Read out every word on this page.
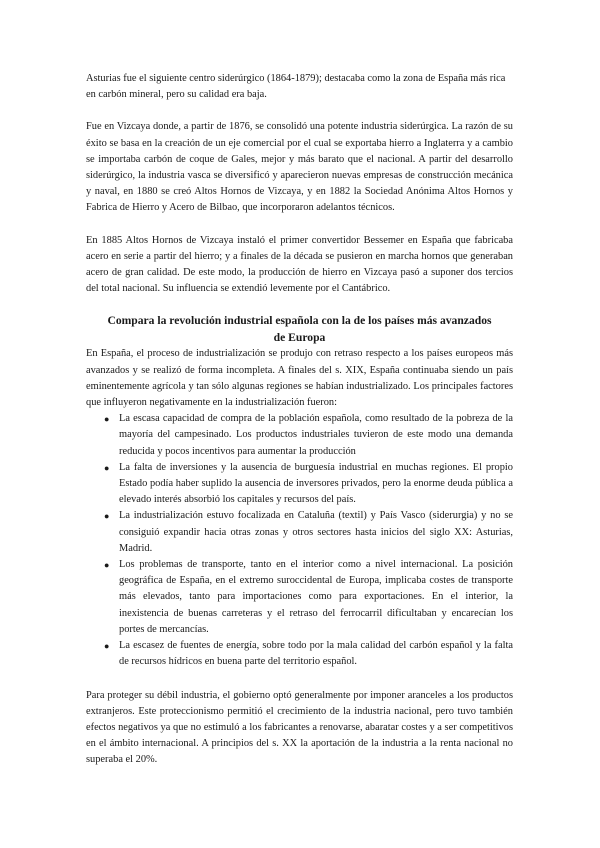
Asturias fue el siguiente centro siderúrgico (1864-1879); destacaba como la zona de España más rica en carbón mineral, pero su calidad era baja.

Fue en Vizcaya donde, a partir de 1876, se consolidó una potente industria siderúrgica. La razón de su éxito se basa en la creación de un eje comercial por el cual se exportaba hierro a Inglaterra y a cambio se importaba carbón de coque de Gales, mejor y más barato que el nacional. A partir del desarrollo siderúrgico, la industria vasca se diversificó y aparecieron nuevas empresas de construcción mecánica y naval, en 1880 se creó Altos Hornos de Vizcaya, y en 1882 la Sociedad Anónima Altos Hornos y Fabrica de Hierro y Acero de Bilbao, que incorporaron adelantos técnicos.

En 1885 Altos Hornos de Vizcaya instaló el primer convertidor Bessemer en España que fabricaba acero en serie a partir del hierro; y a finales de la década se pusieron en marcha hornos que generaban acero de gran calidad. De este modo, la producción de hierro en Vizcaya pasó a suponer dos tercios del total nacional. Su influencia se extendió levemente por el Cantábrico.

Compara la revolución industrial española con la de los países más avanzados de Europa

En España, el proceso de industrialización se produjo con retraso respecto a los países europeos más avanzados y se realizó de forma incompleta. A finales del s. XIX, España continuaba siendo un país eminentemente agrícola y tan sólo algunas regiones se habían industrializado. Los principales factores que influyeron negativamente en la industrialización fueron:

● La escasa capacidad de compra de la población española, como resultado de la pobreza de la mayoría del campesinado. Los productos industriales tuvieron de este modo una demanda reducida y pocos incentivos para aumentar la producción
● La falta de inversiones y la ausencia de burguesía industrial en muchas regiones. El propio Estado podía haber suplido la ausencia de inversores privados, pero la enorme deuda pública a elevado interés absorbió los capitales y recursos del país.
● La industrialización estuvo focalizada en Cataluña (textil) y País Vasco (siderurgia) y no se consiguió expandir hacia otras zonas y otros sectores hasta inicios del siglo XX: Asturias, Madrid.
● Los problemas de transporte, tanto en el interior como a nivel internacional. La posición geográfica de España, en el extremo suroccidental de Europa, implicaba costes de transporte más elevados, tanto para importaciones como para exportaciones. En el interior, la inexistencia de buenas carreteras y el retraso del ferrocarril dificultaban y encarecían los portes de mercancías.
● La escasez de fuentes de energía, sobre todo por la mala calidad del carbón español y la falta de recursos hídricos en buena parte del territorio español.

Para proteger su débil industria, el gobierno optó generalmente por imponer aranceles a los productos extranjeros. Este proteccionismo permitió el crecimiento de la industria nacional, pero tuvo también efectos negativos ya que no estimuló a los fabricantes a renovarse, abaratar costes y a ser competitivos en el ámbito internacional. A principios del s. XX la aportación de la industria a la renta nacional no superaba el 20%.
